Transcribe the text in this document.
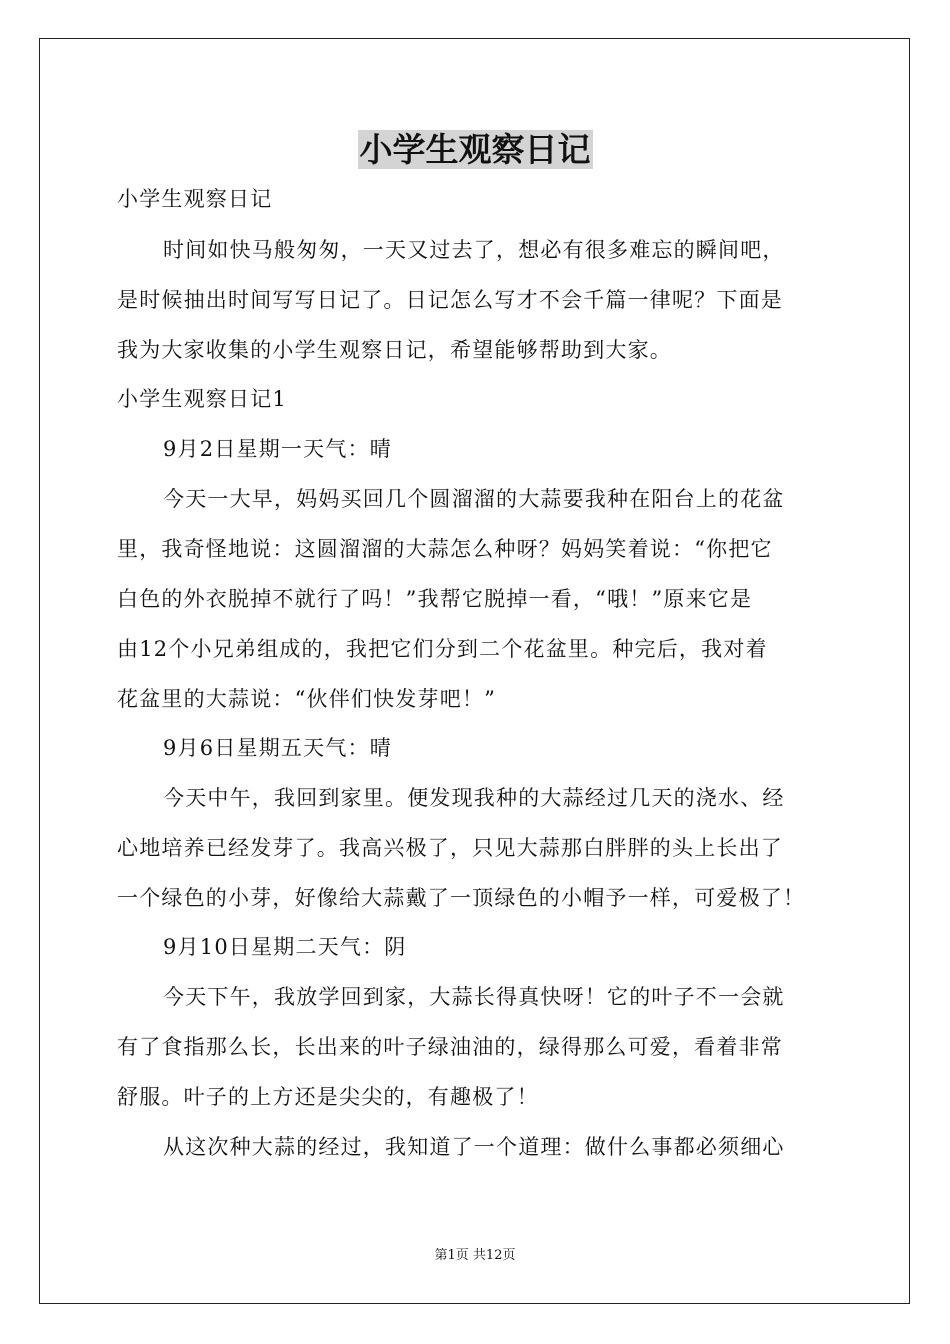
小学生观察日记
小学生观察日记
时间如快马般匆匆，一天又过去了，想必有很多难忘的瞬间吧，
是时候抽出时间写写日记了。日记怎么写才不会千篇一律呢？下面是
我为大家收集的小学生观察日记，希望能够帮助到大家。
小学生观察日记1
9月2日星期一天气：晴
今天一大早，妈妈买回几个圆溜溜的大蒜要我种在阳台上的花盆
里，我奇怪地说：这圆溜溜的大蒜怎么种呀？妈妈笑着说：“你把它
白色的外衣脱掉不就行了吗！”我帮它脱掉一看，“哦！”原来它是
由12个小兄弟组成的，我把它们分到二个花盆里。种完后，我对着
花盆里的大蒜说：“伙伴们快发芽吧！”
9月6日星期五天气：晴
今天中午，我回到家里。便发现我种的大蒜经过几天的浇水、经
心地培养已经发芽了。我高兴极了，只见大蒜那白胖胖的头上长出了
一个绿色的小芽，好像给大蒜戴了一顶绿色的小帽予一样，可爱极了！
9月10日星期二天气：阴
今天下午，我放学回到家，大蒜长得真快呀！它的叶子不一会就
有了食指那么长，长出来的叶子绿油油的，绿得那么可爱，看着非常
舒服。叶子的上方还是尖尖的，有趣极了！
从这次种大蒜的经过，我知道了一个道理：做什么事都必须细心
第1页 共12页
